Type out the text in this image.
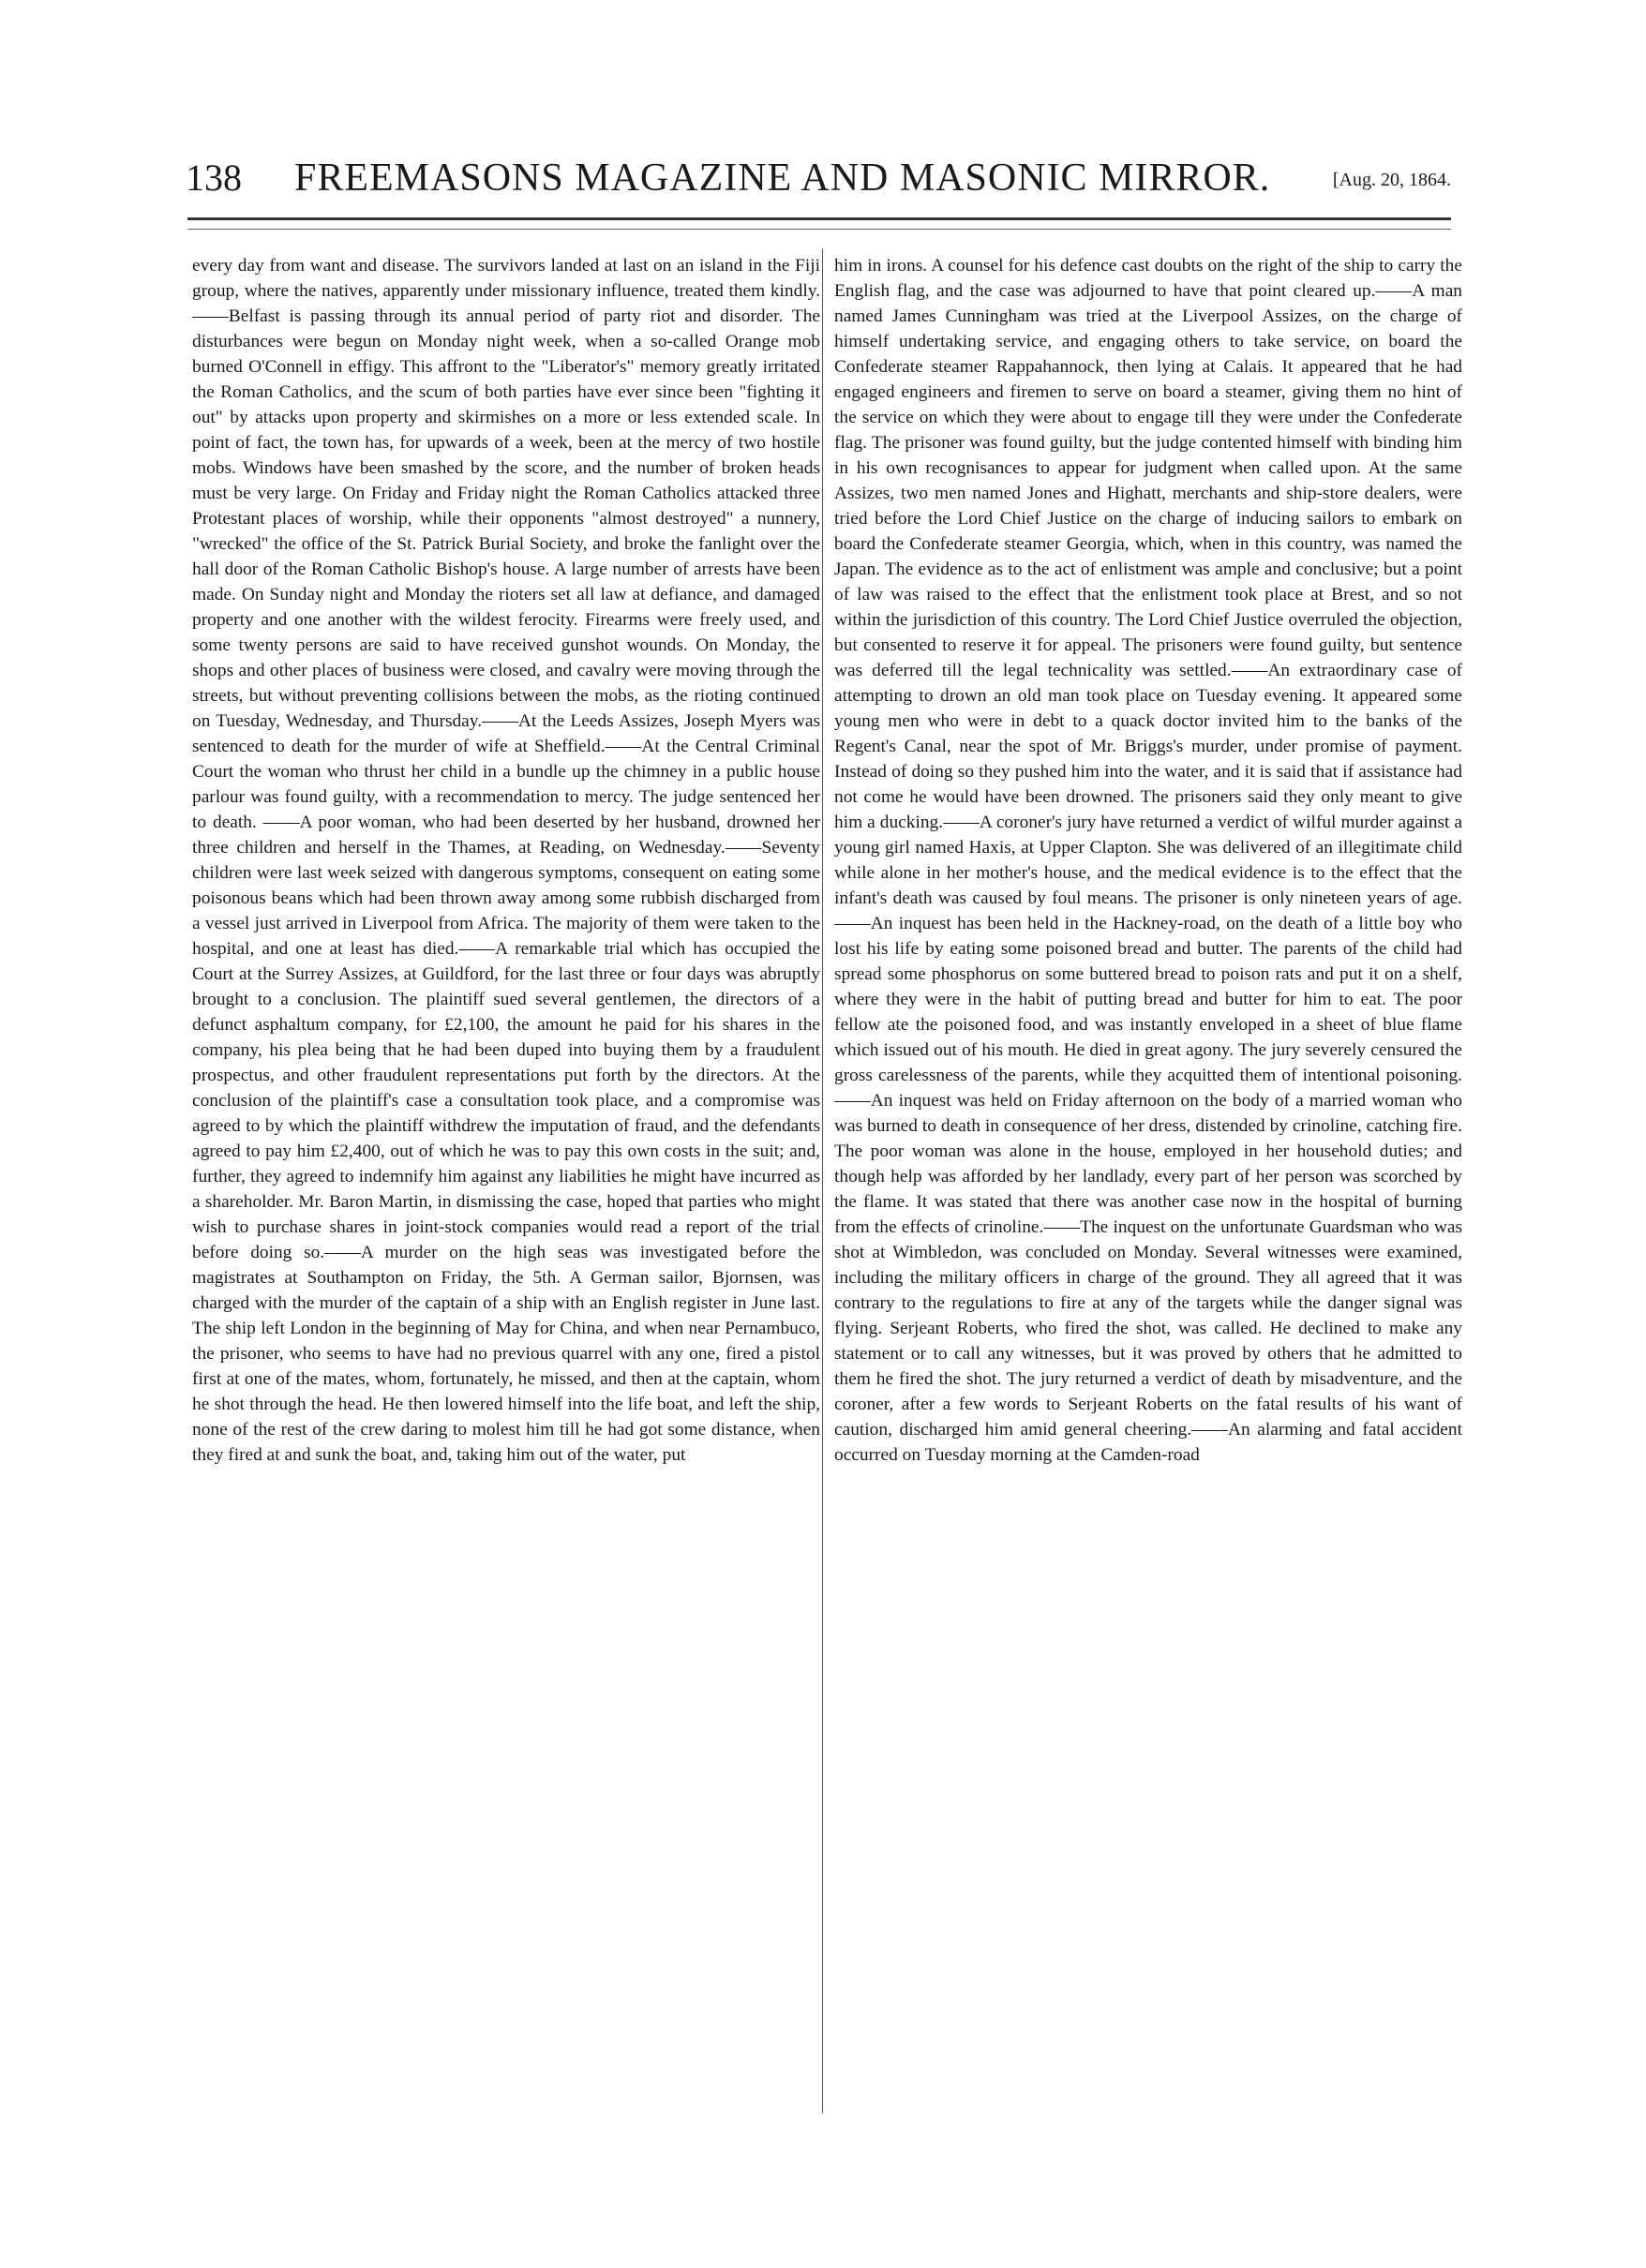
138 FREEMASONS MAGAZINE AND MASONIC MIRROR.	[Aug. 20, 1864.

every day from want and disease. The survivors landed at last on an island in the Fiji group, where the natives, apparently under missionary influence, treated them kindly.——Belfast is passing through its annual period of party riot and disorder. The disturbances were begun on Monday night week, when a so-called Orange mob burned O'Connell in effigy. This affront to the "Liberator's" memory greatly irritated the Roman Catholics, and the scum of both parties have ever since been "fighting it out" by attacks upon property and skirmishes on a more or less extended scale. In point of fact, the town has, for upwards of a week, been at the mercy of two hostile mobs. Windows have been smashed by the score, and the number of broken heads must be very large. On Friday and Friday night the Roman Catholics attacked three Protestant places of worship, while their opponents "almost destroyed" a nunnery, "wrecked" the office of the St. Patrick Burial Society, and broke the fanlight over the hall door of the Roman Catholic Bishop's house. A large number of arrests have been made. On Sunday night and Monday the rioters set all law at defiance, and damaged property and one another with the wildest ferocity. Firearms were freely used, and some twenty persons are said to have received gunshot wounds. On Monday, the shops and other places of business were closed, and cavalry were moving through the streets, but without preventing collisions between the mobs, as the rioting continued on Tuesday, Wednesday, and Thursday.——At the Leeds Assizes, Joseph Myers was sentenced to death for the murder of wife at Sheffield.——At the Central Criminal Court the woman who thrust her child in a bundle up the chimney in a public house parlour was found guilty, with a recommendation to mercy. The judge sentenced her to death. ——A poor woman, who had been deserted by her husband, drowned her three children and herself in the Thames, at Reading, on Wednesday.——Seventy children were last week seized with dangerous symptoms, consequent on eating some poisonous beans which had been thrown away among some rubbish discharged from a vessel just arrived in Liverpool from Africa. The majority of them were taken to the hospital, and one at least has died.——A remarkable trial which has occupied the Court at the Surrey Assizes, at Guildford, for the last three or four days was abruptly brought to a conclusion. The plaintiff sued several gentlemen, the directors of a defunct asphaltum company, for £2,100, the amount he paid for his shares in the company, his plea being that he had been duped into buying them by a fraudulent prospectus, and other fraudulent representations put forth by the directors. At the conclusion of the plaintiff's case a consultation took place, and a compromise was agreed to by which the plaintiff withdrew the imputation of fraud, and the defendants agreed to pay him £2,400, out of which he was to pay this own costs in the suit; and, further, they agreed to indemnify him against any liabilities he might have incurred as a shareholder. Mr. Baron Martin, in dismissing the case, hoped that parties who might wish to purchase shares in joint-stock companies would read a report of the trial before doing so.——A murder on the high seas was investigated before the magistrates at Southampton on Friday, the 5th. A German sailor, Bjornsen, was charged with the murder of the captain of a ship with an English register in June last. The ship left London in the beginning of May for China, and when near Pernambuco, the prisoner, who seems to have had no previous quarrel with any one, fired a pistol first at one of the mates, whom, fortunately, he missed, and then at the captain, whom he shot through the head. He then lowered himself into the life boat, and left the ship, none of the rest of the crew daring to molest him till he had got some distance, when they fired at and sunk the boat, and, taking him out of the water, put

him in irons. A counsel for his defence cast doubts on the right of the ship to carry the English flag, and the case was adjourned to have that point cleared up.——A man named James Cunningham was tried at the Liverpool Assizes, on the charge of himself undertaking service, and engaging others to take service, on board the Confederate steamer Rappahannock, then lying at Calais. It appeared that he had engaged engineers and firemen to serve on board a steamer, giving them no hint of the service on which they were about to engage till they were under the Confederate flag. The prisoner was found guilty, but the judge contented himself with binding him in his own recognisances to appear for judgment when called upon. At the same Assizes, two men named Jones and Highatt, merchants and ship-store dealers, were tried before the Lord Chief Justice on the charge of inducing sailors to embark on board the Confederate steamer Georgia, which, when in this country, was named the Japan. The evidence as to the act of enlistment was ample and conclusive; but a point of law was raised to the effect that the enlistment took place at Brest, and so not within the jurisdiction of this country. The Lord Chief Justice overruled the objection, but consented to reserve it for appeal. The prisoners were found guilty, but sentence was deferred till the legal technicality was settled.——An extraordinary case of attempting to drown an old man took place on Tuesday evening. It appeared some young men who were in debt to a quack doctor invited him to the banks of the Regent's Canal, near the spot of Mr. Briggs's murder, under promise of payment. Instead of doing so they pushed him into the water, and it is said that if assistance had not come he would have been drowned. The prisoners said they only meant to give him a ducking.——A coroner's jury have returned a verdict of wilful murder against a young girl named Haxis, at Upper Clapton. She was delivered of an illegitimate child while alone in her mother's house, and the medical evidence is to the effect that the infant's death was caused by foul means. The prisoner is only nineteen years of age.——An inquest has been held in the Hackney-road, on the death of a little boy who lost his life by eating some poisoned bread and butter. The parents of the child had spread some phosphorus on some buttered bread to poison rats and put it on a shelf, where they were in the habit of putting bread and butter for him to eat. The poor fellow ate the poisoned food, and was instantly enveloped in a sheet of blue flame which issued out of his mouth. He died in great agony. The jury severely censured the gross carelessness of the parents, while they acquitted them of intentional poisoning.——An inquest was held on Friday afternoon on the body of a married woman who was burned to death in consequence of her dress, distended by crinoline, catching fire. The poor woman was alone in the house, employed in her household duties; and though help was afforded by her landlady, every part of her person was scorched by the flame. It was stated that there was another case now in the hospital of burning from the effects of crinoline.——The inquest on the unfortunate Guardsman who was shot at Wimbledon, was concluded on Monday. Several witnesses were examined, including the military officers in charge of the ground. They all agreed that it was contrary to the regulations to fire at any of the targets while the danger signal was flying. Serjeant Roberts, who fired the shot, was called. He declined to make any statement or to call any witnesses, but it was proved by others that he admitted to them he fired the shot. The jury returned a verdict of death by misadventure, and the coroner, after a few words to Serjeant Roberts on the fatal results of his want of caution, discharged him amid general cheering.——An alarming and fatal accident occurred on Tuesday morning at the Camden-road
